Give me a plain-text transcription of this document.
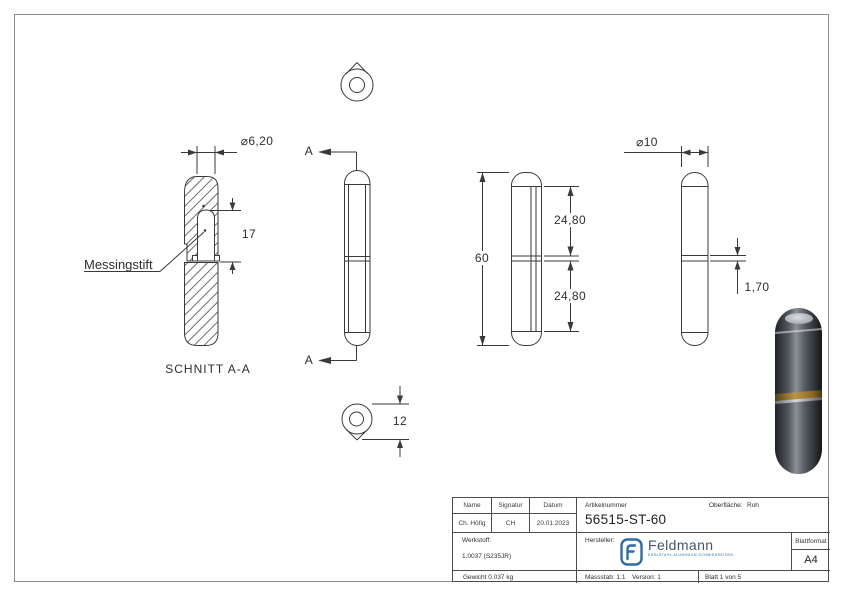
⌀6,20
17
Messingstift
SCHNITT A-A
A
A
60
24,80
24,80
⌀10
1,70
12
Name	Signatur	Datum
Ch. Höfig	CH	20.01.2023
Werkstoff:
1.0037 (S235JR)
Gewicht 0.037 kg
Artikelnummer
56515-ST-60
Oberfläche: Roh
Hersteller:	Blattformat
A4
Massstab: 1:1 Version: 1	Blatt 1 von 5
Feldmann
EDELSTAHL ALUMINIUM SCHMIEDEEISEN
